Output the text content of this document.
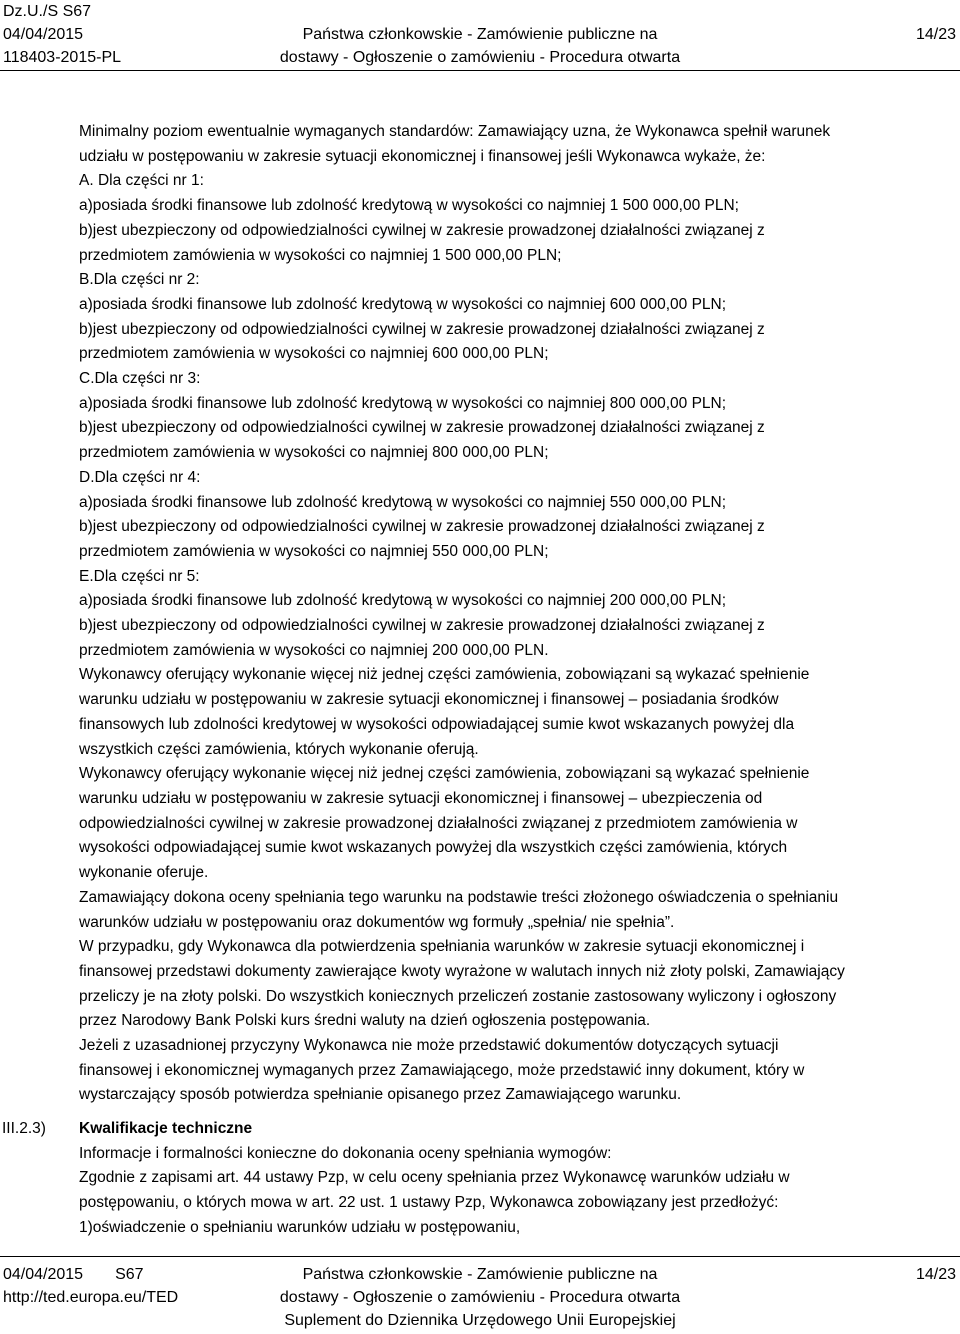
Dz.U./S S67
04/04/2015
118403-2015-PL
Państwa członkowskie - Zamówienie publiczne na
dostawy - Ogłoszenie o zamówieniu - Procedura otwarta
14/23

Minimalny poziom ewentualnie wymaganych standardów: Zamawiający uzna, że Wykonawca spełnił warunek

udziału w postępowaniu w zakresie sytuacji ekonomicznej i finansowej jeśli Wykonawca wykaże, że:

A. Dla części nr 1:

a)posiada środki finansowe lub zdolność kredytową w wysokości co najmniej 1 500 000,00 PLN;

b)jest ubezpieczony od odpowiedzialności cywilnej w zakresie prowadzonej działalności związanej z

przedmiotem zamówienia w wysokości co najmniej 1 500 000,00 PLN;

B.Dla części nr 2:

a)posiada środki finansowe lub zdolność kredytową w wysokości co najmniej 600 000,00 PLN;

b)jest ubezpieczony od odpowiedzialności cywilnej w zakresie prowadzonej działalności związanej z

przedmiotem zamówienia w wysokości co najmniej 600 000,00 PLN;

C.Dla części nr 3:

a)posiada środki finansowe lub zdolność kredytową w wysokości co najmniej 800 000,00 PLN;

b)jest ubezpieczony od odpowiedzialności cywilnej w zakresie prowadzonej działalności związanej z

przedmiotem zamówienia w wysokości co najmniej 800 000,00 PLN;

D.Dla części nr 4:

a)posiada środki finansowe lub zdolność kredytową w wysokości co najmniej 550 000,00 PLN;

b)jest ubezpieczony od odpowiedzialności cywilnej w zakresie prowadzonej działalności związanej z

przedmiotem zamówienia w wysokości co najmniej 550 000,00 PLN;

E.Dla części nr 5:

a)posiada środki finansowe lub zdolność kredytową w wysokości co najmniej 200 000,00 PLN;

b)jest ubezpieczony od odpowiedzialności cywilnej w zakresie prowadzonej działalności związanej z

przedmiotem zamówienia w wysokości co najmniej 200 000,00 PLN.

Wykonawcy oferujący wykonanie więcej niż jednej części zamówienia, zobowiązani są wykazać spełnienie

warunku udziału w postępowaniu w zakresie sytuacji ekonomicznej i finansowej – posiadania środków

finansowych lub zdolności kredytowej w wysokości odpowiadającej sumie kwot wskazanych powyżej dla

wszystkich części zamówienia, których wykonanie oferują.

Wykonawcy oferujący wykonanie więcej niż jednej części zamówienia, zobowiązani są wykazać spełnienie

warunku udziału w postępowaniu w zakresie sytuacji ekonomicznej i finansowej – ubezpieczenia od

odpowiedzialności cywilnej w zakresie prowadzonej działalności związanej z przedmiotem zamówienia w

wysokości odpowiadającej sumie kwot wskazanych powyżej dla wszystkich części zamówienia, których

wykonanie oferuje.

Zamawiający dokona oceny spełniania tego warunku na podstawie treści złożonego oświadczenia o spełnianiu

warunków udziału w postępowaniu oraz dokumentów wg formuły „spełnia/ nie spełnia”.

W przypadku, gdy Wykonawca dla potwierdzenia spełniania warunków w zakresie sytuacji ekonomicznej i

finansowej przedstawi dokumenty zawierające kwoty wyrażone w walutach innych niż złoty polski, Zamawiający

przeliczy je na złoty polski. Do wszystkich koniecznych przeliczeń zostanie zastosowany wyliczony i ogłoszony

przez Narodowy Bank Polski kurs średni waluty na dzień ogłoszenia postępowania.

Jeżeli z uzasadnionej przyczyny Wykonawca nie może przedstawić dokumentów dotyczących sytuacji

finansowej i ekonomicznej wymaganych przez Zamawiającego, może przedstawić inny dokument, który w

wystarczający sposób potwierdza spełnianie opisanego przez Zamawiającego warunku.

III.2.3) Kwalifikacje techniczne

Informacje i formalności konieczne do dokonania oceny spełniania wymogów:

Zgodnie z zapisami art. 44 ustawy Pzp, w celu oceny spełniania przez Wykonawcę warunków udziału w

postępowaniu, o których mowa w art. 22 ust. 1 ustawy Pzp, Wykonawca zobowiązany jest przedłożyć:

1)oświadczenie o spełnianiu warunków udziału w postępowaniu,

04/04/2015 S67
http://ted.europa.eu/TED
Państwa członkowskie - Zamówienie publiczne na
dostawy - Ogłoszenie o zamówieniu - Procedura otwarta
Suplement do Dziennika Urzędowego Unii Europejskiej
14/23
